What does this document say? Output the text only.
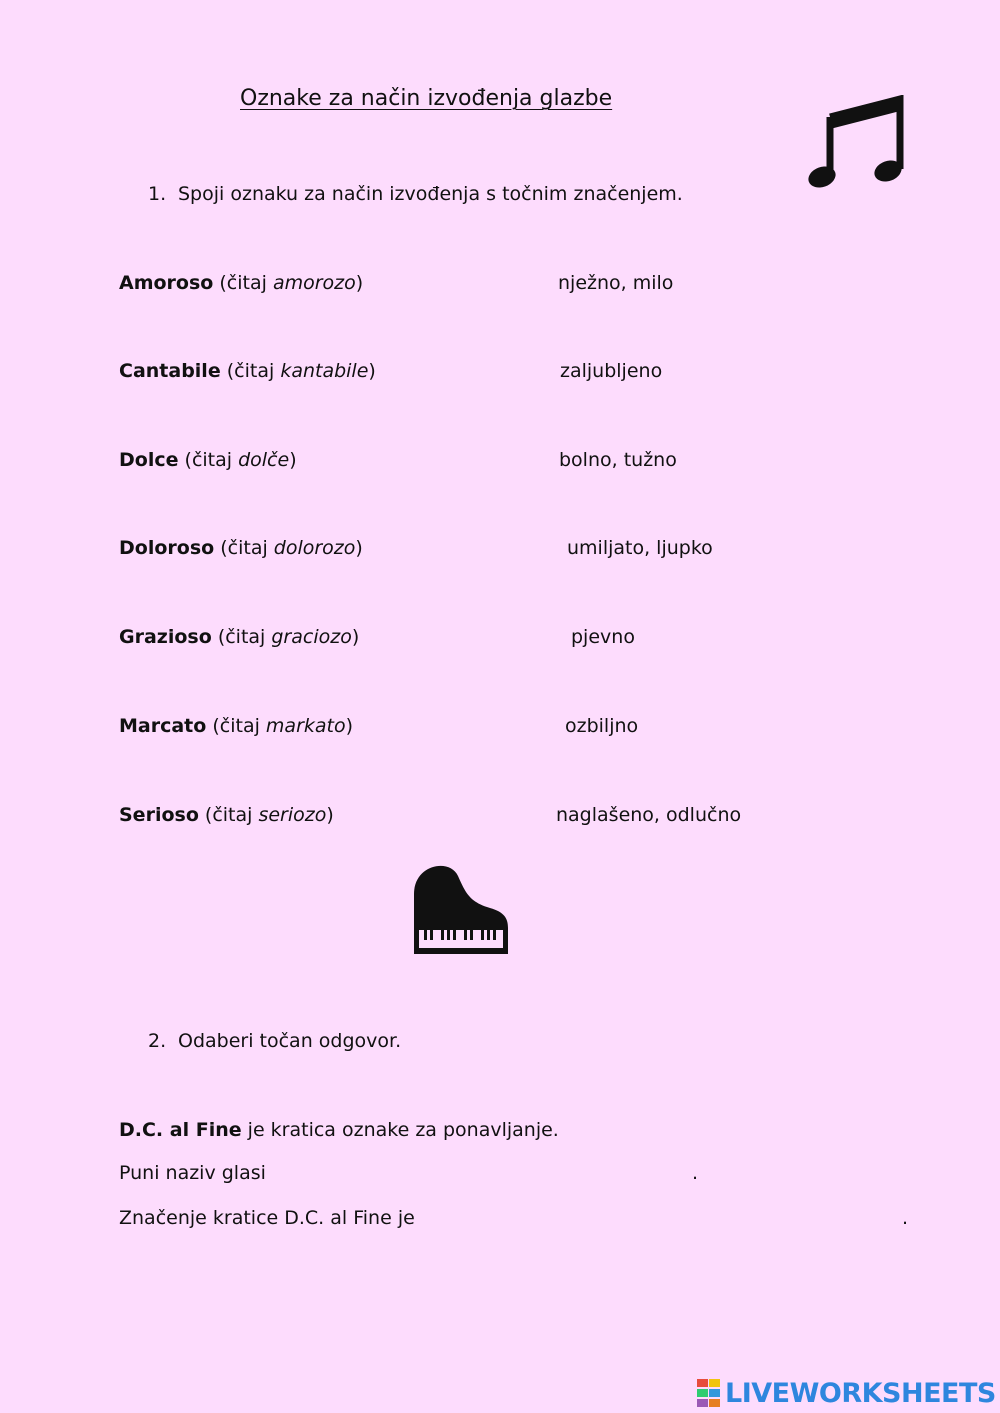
Oznake za način izvođenja glazbe
1. Spoji oznaku za način izvođenja s točnim značenjem.
Amoroso (čitaj amorozo)	nježno, milo
Cantabile (čitaj kantabile)	zaljubljeno
Dolce (čitaj dolče)	bolno, tužno
Doloroso (čitaj dolorozo)	umiljato, ljupko
Grazioso (čitaj graciozo)	pjevno
Marcato (čitaj markato)	ozbiljno
Serioso (čitaj seriozo)	naglašeno, odlučno
2. Odaberi točan odgovor.
D.C. al Fine je kratica oznake za ponavljanje.
Puni naziv glasi	.
Značenje kratice D.C. al Fine je	.
LIVEWORKSHEETS
